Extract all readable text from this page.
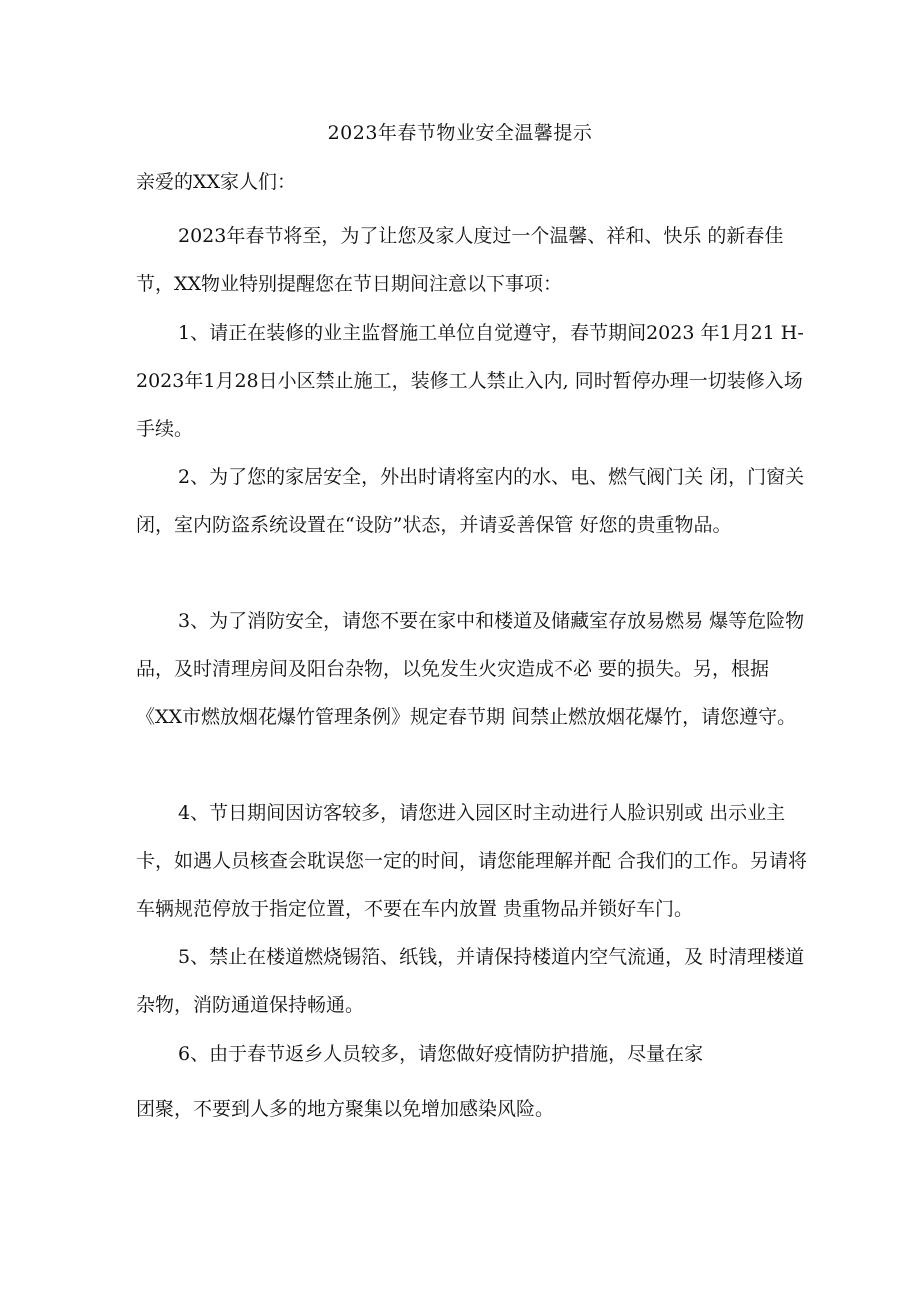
2023年春节物业安全温馨提示
亲爱的XX家人们：
2023年春节将至，为了让您及家人度过一个温馨、祥和、快乐 的新春佳节，XX物业特别提醒您在节日期间注意以下事项：
1、请正在装修的业主监督施工单位自觉遵守，春节期间2023 年1月21 H-2023年1月28日小区禁止施工，装修工人禁止入内, 同时暂停办理一切装修入场手续。
2、为了您的家居安全，外出时请将室内的水、电、燃气阀门关 闭，门窗关闭，室内防盗系统设置在“设防”状态，并请妥善保管 好您的贵重物品。
3、为了消防安全，请您不要在家中和楼道及储藏室存放易燃易 爆等危险物品，及时清理房间及阳台杂物，以免发生火灾造成不必 要的损失。另，根据《XX市燃放烟花爆竹管理条例》规定春节期 间禁止燃放烟花爆竹，请您遵守。
4、节日期间因访客较多，请您进入园区时主动进行人脸识别或 出示业主卡，如遇人员核查会耽误您一定的时间，请您能理解并配 合我们的工作。另请将车辆规范停放于指定位置，不要在车内放置 贵重物品并锁好车门。
5、禁止在楼道燃烧锡箔、纸钱，并请保持楼道内空气流通，及 时清理楼道杂物，消防通道保持畅通。
6、由于春节返乡人员较多，请您做好疫情防护措施，尽量在家
团聚，不要到人多的地方聚集以免增加感染风险。
